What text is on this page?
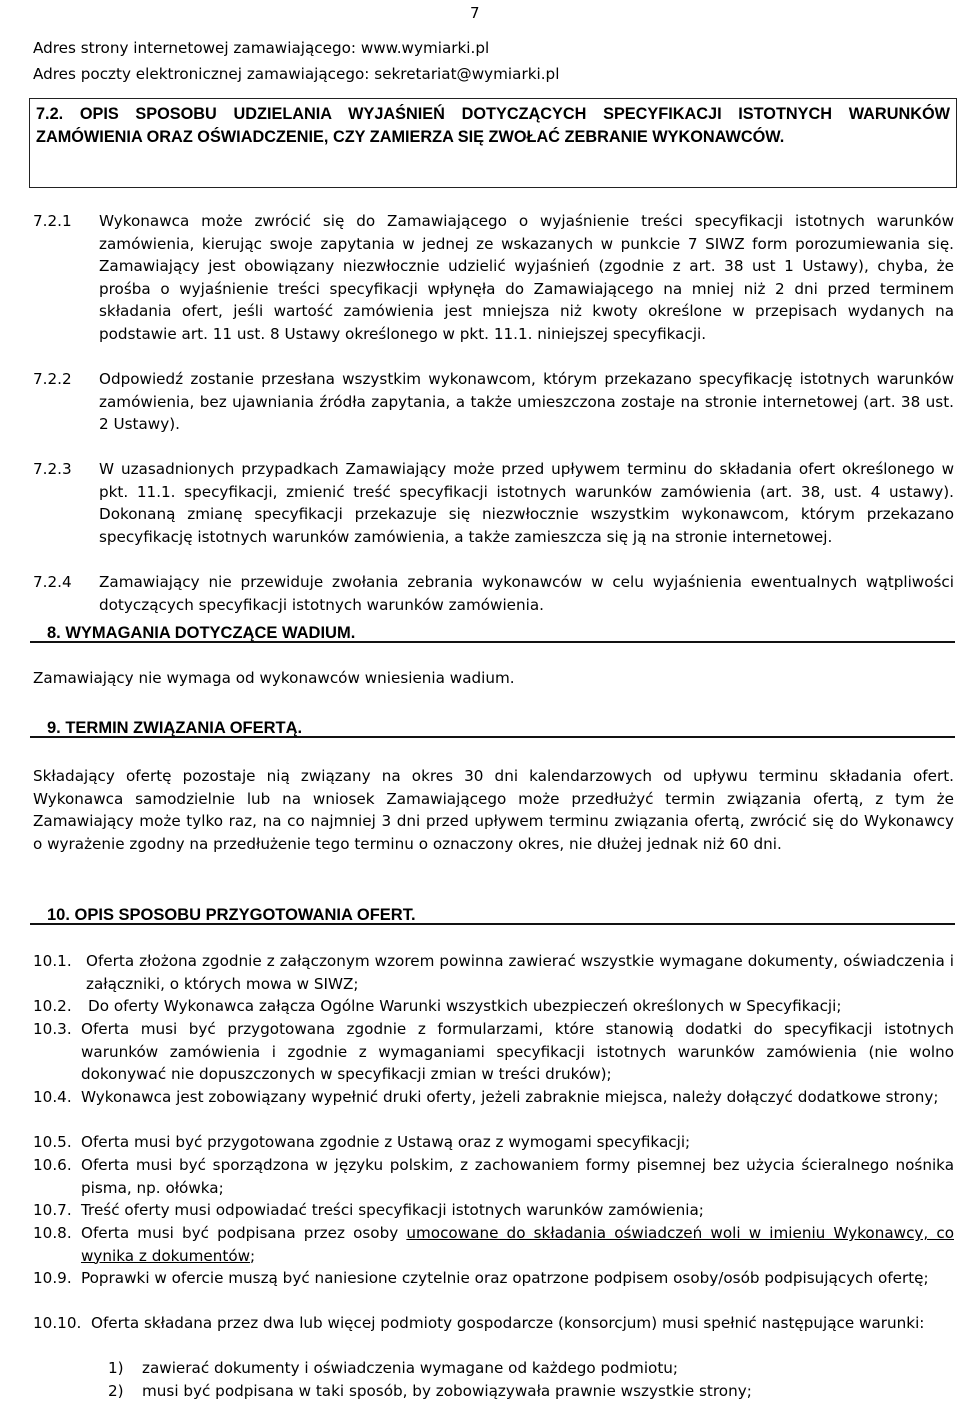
7
Adres strony internetowej zamawiającego: www.wymiarki.pl
Adres poczty elektronicznej zamawiającego: sekretariat@wymiarki.pl
7.2. OPIS SPOSOBU UDZIELANIA WYJAŚNIEŃ DOTYCZĄCYCH SPECYFIKACJI ISTOTNYCH WARUNKÓW ZAMÓWIENIA ORAZ OŚWIADCZENIE, CZY ZAMIERZA SIĘ ZWOŁAĆ ZEBRANIE WYKONAWCÓW.
7.2.1 Wykonawca może zwrócić się do Zamawiającego o wyjaśnienie treści specyfikacji istotnych warunków zamówienia, kierując swoje zapytania w jednej ze wskazanych w punkcie 7 SIWZ form porozumiewania się. Zamawiający jest obowiązany niezwłocznie udzielić wyjaśnień (zgodnie z art. 38 ust 1 Ustawy), chyba, że prośba o wyjaśnienie treści specyfikacji wpłynęła do Zamawiającego na mniej niż 2 dni przed terminem składania ofert, jeśli wartość zamówienia jest mniejsza niż kwoty określone w przepisach wydanych na podstawie art. 11 ust. 8 Ustawy określonego w pkt. 11.1. niniejszej specyfikacji.
7.2.2 Odpowiedź zostanie przesłana wszystkim wykonawcom, którym przekazano specyfikację istotnych warunków zamówienia, bez ujawniania źródła zapytania, a także umieszczona zostaje na stronie internetowej (art. 38 ust. 2 Ustawy).
7.2.3 W uzasadnionych przypadkach Zamawiający może przed upływem terminu do składania ofert określonego w pkt. 11.1. specyfikacji, zmienić treść specyfikacji istotnych warunków zamówienia (art. 38, ust. 4 ustawy). Dokonaną zmianę specyfikacji przekazuje się niezwłocznie wszystkim wykonawcom, którym przekazano specyfikację istotnych warunków zamówienia, a także zamieszcza się ją na stronie internetowej.
7.2.4 Zamawiający nie przewiduje zwołania zebrania wykonawców w celu wyjaśnienia ewentualnych wątpliwości dotyczących specyfikacji istotnych warunków zamówienia.
8. WYMAGANIA DOTYCZĄCE WADIUM.
Zamawiający nie wymaga od wykonawców wniesienia wadium.
9. TERMIN ZWIĄZANIA OFERTĄ.
Składający ofertę pozostaje nią związany na okres 30 dni kalendarzowych od upływu terminu składania ofert. Wykonawca samodzielnie lub na wniosek Zamawiającego może przedłużyć termin związania ofertą, z tym że Zamawiający może tylko raz, na co najmniej 3 dni przed upływem terminu związania ofertą, zwrócić się do Wykonawcy o wyrażenie zgodny na przedłużenie tego terminu o oznaczony okres, nie dłużej jednak niż 60 dni.
10. OPIS SPOSOBU PRZYGOTOWANIA OFERT.
10.1. Oferta złożona zgodnie z załączonym wzorem powinna zawierać wszystkie wymagane dokumenty, oświadczenia i załączniki, o których mowa w SIWZ;
10.2. Do oferty Wykonawca załącza Ogólne Warunki wszystkich ubezpieczeń określonych w Specyfikacji;
10.3. Oferta musi być przygotowana zgodnie z formularzami, które stanowią dodatki do specyfikacji istotnych warunków zamówienia i zgodnie z wymaganiami specyfikacji istotnych warunków zamówienia (nie wolno dokonywać nie dopuszczonych w specyfikacji zmian w treści druków);
10.4. Wykonawca jest zobowiązany wypełnić druki oferty, jeżeli zabraknie miejsca, należy dołączyć dodatkowe strony;
10.5. Oferta musi być przygotowana zgodnie z Ustawą oraz z wymogami specyfikacji;
10.6. Oferta musi być sporządzona w języku polskim, z zachowaniem formy pisemnej bez użycia ścieralnego nośnika pisma, np. ołówka;
10.7. Treść oferty musi odpowiadać treści specyfikacji istotnych warunków zamówienia;
10.8. Oferta musi być podpisana przez osoby umocowane do składania oświadczeń woli w imieniu Wykonawcy, co wynika z dokumentów;
10.9. Poprawki w ofercie muszą być naniesione czytelnie oraz opatrzone podpisem osoby/osób podpisujących ofertę;
10.10. Oferta składana przez dwa lub więcej podmioty gospodarcze (konsorcjum) musi spełnić następujące warunki:
1) zawierać dokumenty i oświadczenia wymagane od każdego podmiotu;
2) musi być podpisana w taki sposób, by zobowiązywała prawnie wszystkie strony;
